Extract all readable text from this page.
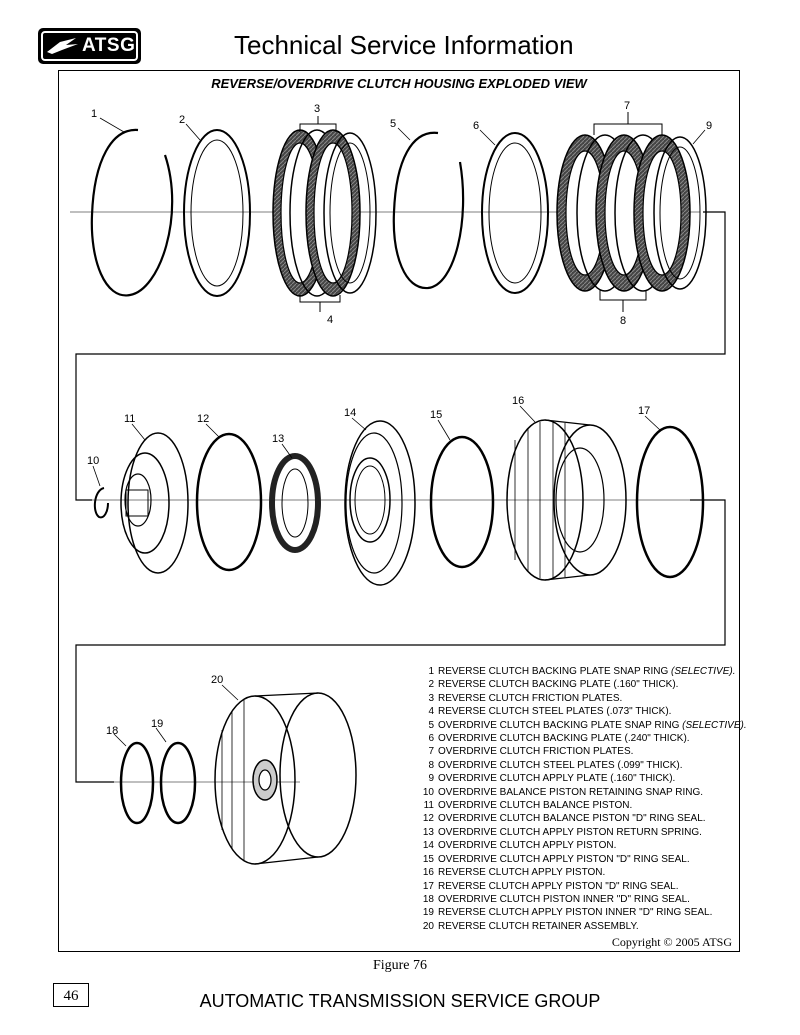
ATSG	Technical Service Information
REVERSE/OVERDRIVE CLUTCH HOUSING EXPLODED VIEW
1	2
3
4
5	6
7
8
9
10
11	12
13
14	15
16
17
18
19
20
1 REVERSE CLUTCH BACKING PLATE SNAP RING (SELECTIVE).
2 REVERSE CLUTCH BACKING PLATE (.160" THICK).
3 REVERSE CLUTCH FRICTION PLATES.
4 REVERSE CLUTCH STEEL PLATES (.073" THICK).
5 OVERDRIVE CLUTCH BACKING PLATE SNAP RING (SELECTIVE).
6 OVERDRIVE CLUTCH BACKING PLATE (.240" THICK).
7 OVERDRIVE CLUTCH FRICTION PLATES.
8 OVERDRIVE CLUTCH STEEL PLATES (.099" THICK).
9 OVERDRIVE CLUTCH APPLY PLATE (.160" THICK).
10 OVERDRIVE BALANCE PISTON RETAINING SNAP RING.
11 OVERDRIVE CLUTCH BALANCE PISTON.
12 OVERDRIVE CLUTCH BALANCE PISTON "D" RING SEAL.
13 OVERDRIVE CLUTCH APPLY PISTON RETURN SPRING.
14 OVERDRIVE CLUTCH APPLY PISTON.
15 OVERDRIVE CLUTCH APPLY PISTON "D" RING SEAL.
16 REVERSE CLUTCH APPLY PISTON.
17 REVERSE CLUTCH APPLY PISTON "D" RING SEAL.
18 OVERDRIVE CLUTCH PISTON INNER "D" RING SEAL.
19 REVERSE CLUTCH APPLY PISTON INNER "D" RING SEAL.
20 REVERSE CLUTCH RETAINER ASSEMBLY.
Copyright © 2005 ATSG
Figure 76
46	AUTOMATIC TRANSMISSION SERVICE GROUP
